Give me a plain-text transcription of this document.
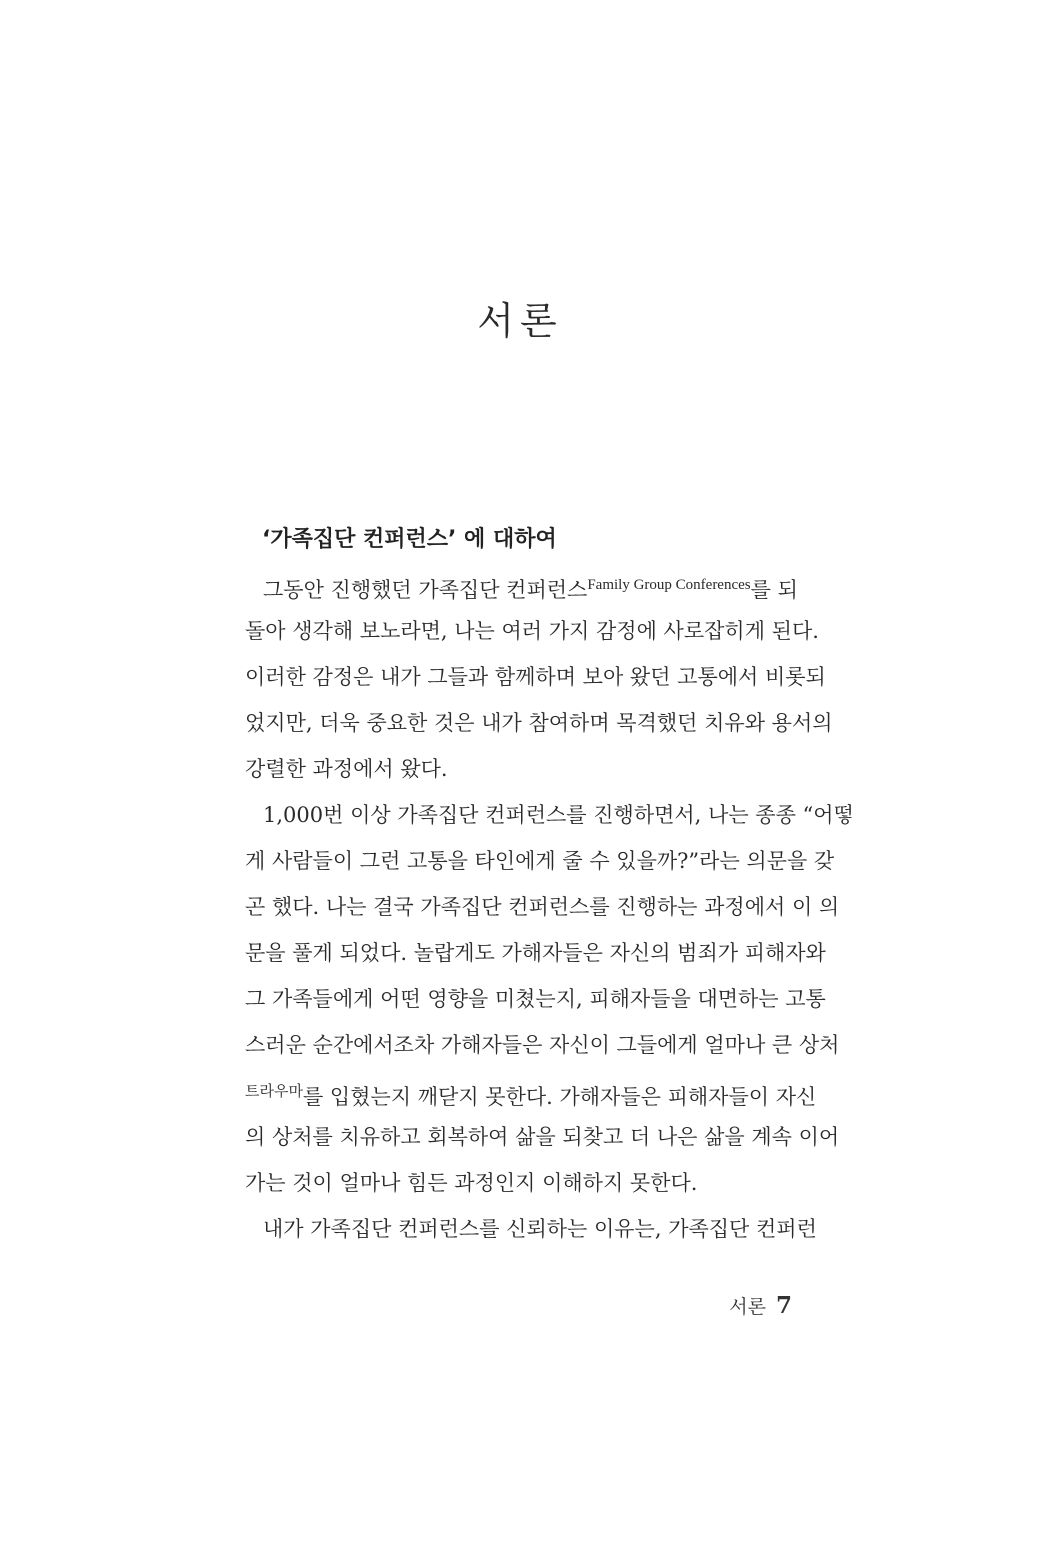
서론
‘가족집단 컨퍼런스’ 에 대하여
그동안 진행했던 가족집단 컨퍼런스$^{Family Group Conferences}$를 되
돌아 생각해 보노라면, 나는 여러 가지 감정에 사로잡히게 된다.
이러한 감정은 내가 그들과 함께하며 보아 왔던 고통에서 비롯되
었지만, 더욱 중요한 것은 내가 참여하며 목격했던 치유와 용서의
강렬한 과정에서 왔다.
1,000번 이상 가족집단 컨퍼런스를 진행하면서, 나는 종종 “어떻
게 사람들이 그런 고통을 타인에게 줄 수 있을까?”라는 의문을 갖
곤 했다. 나는 결국 가족집단 컨퍼런스를 진행하는 과정에서 이 의
문을 풀게 되었다. 놀랍게도 가해자들은 자신의 범죄가 피해자와
그 가족들에게 어떤 영향을 미쳤는지, 피해자들을 대면하는 고통
스러운 순간에서조차 가해자들은 자신이 그들에게 얼마나 큰 상처
$^{트라우마}$를 입혔는지 깨닫지 못한다. 가해자들은 피해자들이 자신
의 상처를 치유하고 회복하여 삶을 되찾고 더 나은 삶을 계속 이어
가는 것이 얼마나 힘든 과정인지 이해하지 못한다.
내가 가족집단 컨퍼런스를 신뢰하는 이유는, 가족집단 컨퍼런
서론 7
